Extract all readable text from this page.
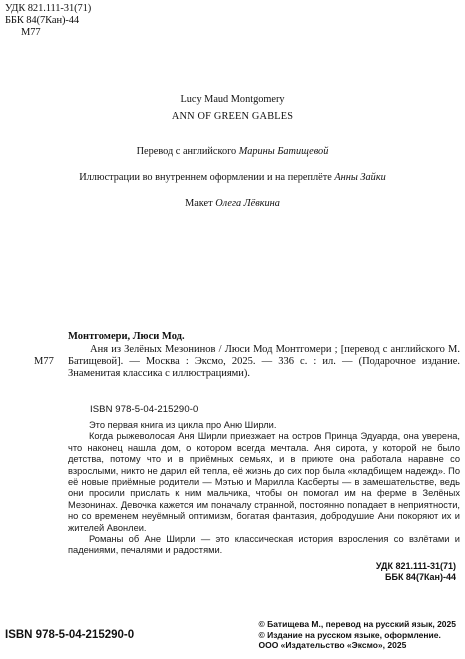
УДК 821.111-31(71)
ББК 84(7Кан)-44
М77
Lucy Maud Montgomery
ANN OF GREEN GABLES
Перевод с английского Марины Батищевой
Иллюстрации во внутреннем оформлении и на переплёте Анны Зайки
Макет Олега Лёвкина
М77
Монтгомери, Люси Мод.
Аня из Зелёных Мезонинов / Люси Мод Монтгомери ; [перевод с английского М. Батищевой]. — Москва : Эксмо, 2025. — 336 с. : ил. — (Подарочное издание. Знаменитая классика с иллюстрациями).
ISBN 978-5-04-215290-0

Это первая книга из цикла про Аню Ширли.

Когда рыжеволосая Аня Ширли приезжает на остров Принца Эдуарда, она уверена, что наконец нашла дом, о котором всегда мечтала. Аня сирота, у которой не было детства, потому что и в приёмных семьях, и в приюте она работала наравне со взрослыми, никто не дарил ей тепла, её жизнь до сих пор была «кладбищем надежд». По её новые приёмные родители — Мэтью и Марилла Касберты — в замешательстве, ведь они просили прислать к ним мальчика, чтобы он помогал им на ферме в Зелёных Мезонинах. Девочка кажется им поначалу странной, постоянно попадает в неприятности, но со временем неуёмный оптимизм, богатая фантазия, добродушие Ани покоряют их и жителей Авонлеи.

Романы об Ане Ширли — это классическая история взросления со взлётами и падениями, печалями и радостями.

УДК 821.111-31(71)
ББК 84(7Кан)-44
ISBN 978-5-04-215290-0
© Батищева М., перевод на русский язык, 2025
© Издание на русском языке, оформление.
ООО «Издательство «Эксмо», 2025
